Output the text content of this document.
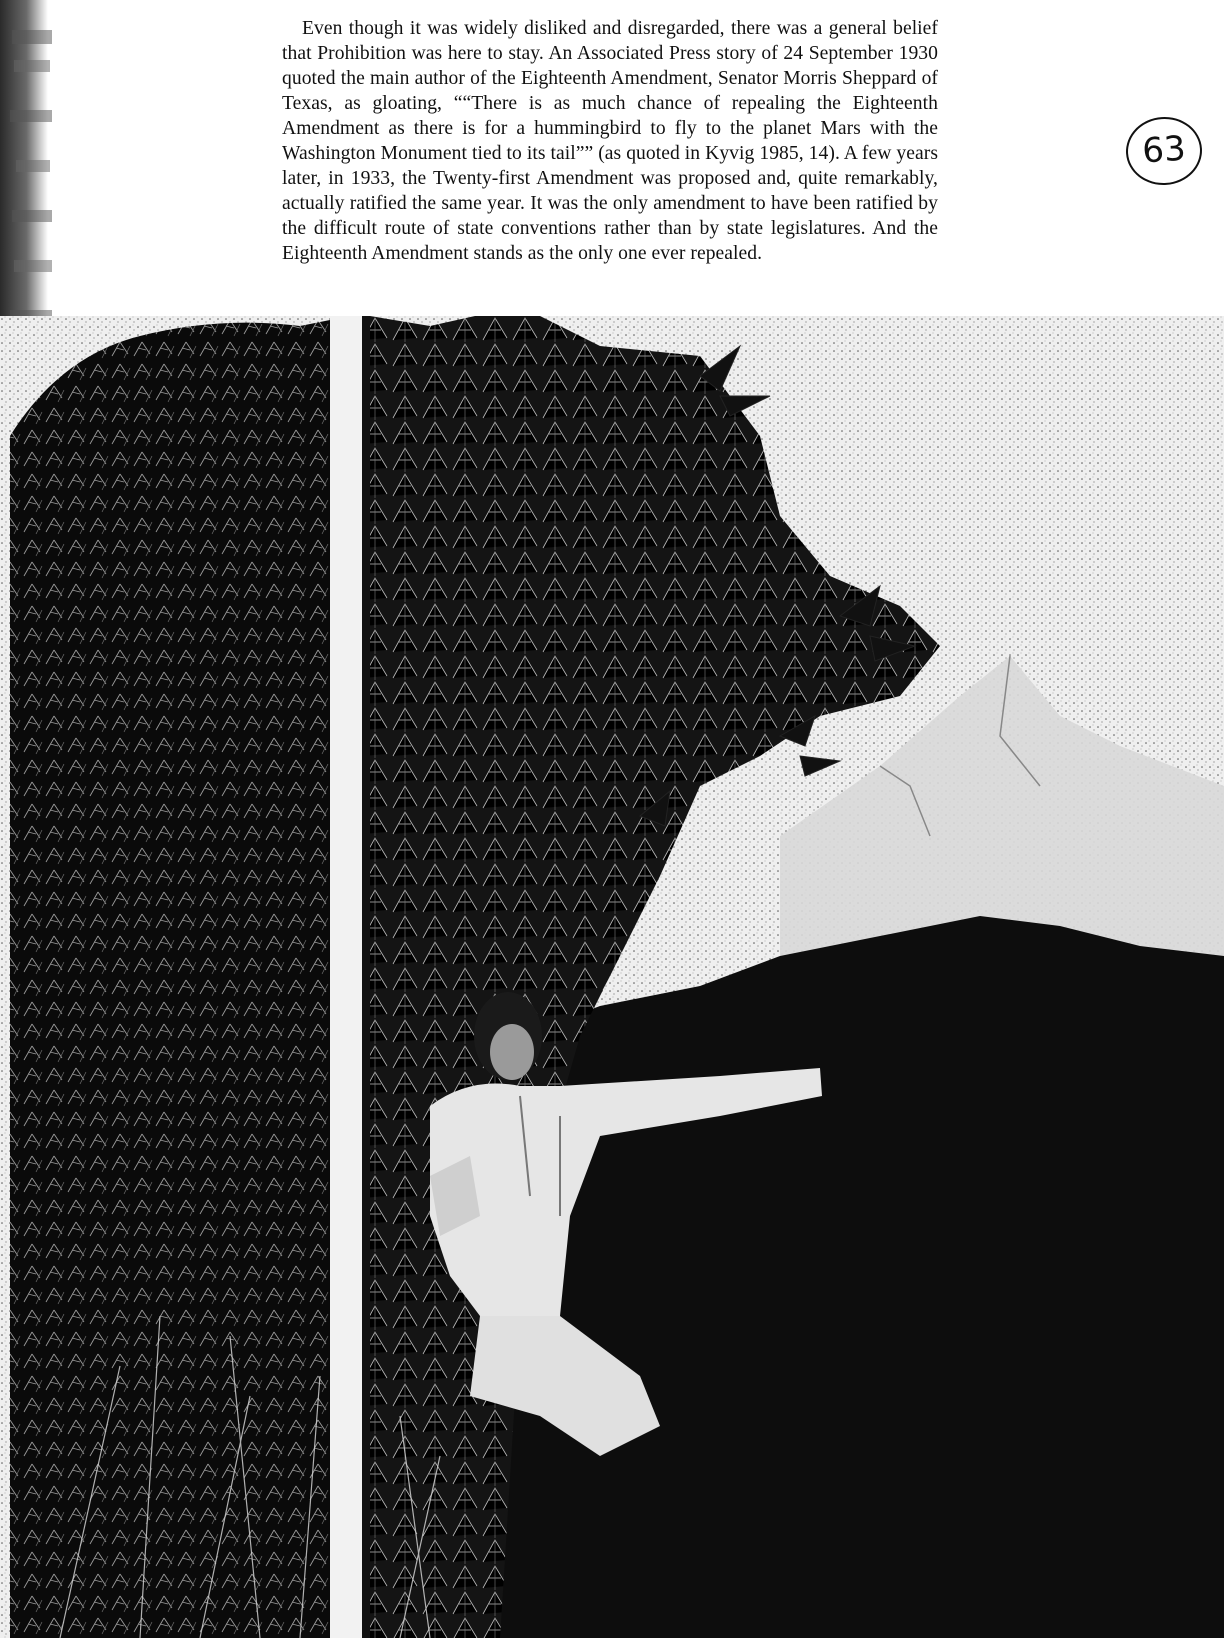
Even though it was widely disliked and disregarded, there was a general belief that Prohibition was here to stay. An Associated Press story of 24 September 1930 quoted the main author of the Eighteenth Amendment, Senator Morris Sheppard of Texas, as gloating, ““There is as much chance of repealing the Eighteenth Amendment as there is for a hummingbird to fly to the planet Mars with the Washington Monument tied to its tail”” (as quoted in Kyvig 1985, 14). A few years later, in 1933, the Twenty-first Amendment was proposed and, quite remarkably, actually ratified the same year. It was the only amendment to have been ratified by the difficult route of state conventions rather than by state legislatures. And the Eighteenth Amendment stands as the only one ever repealed.

63
